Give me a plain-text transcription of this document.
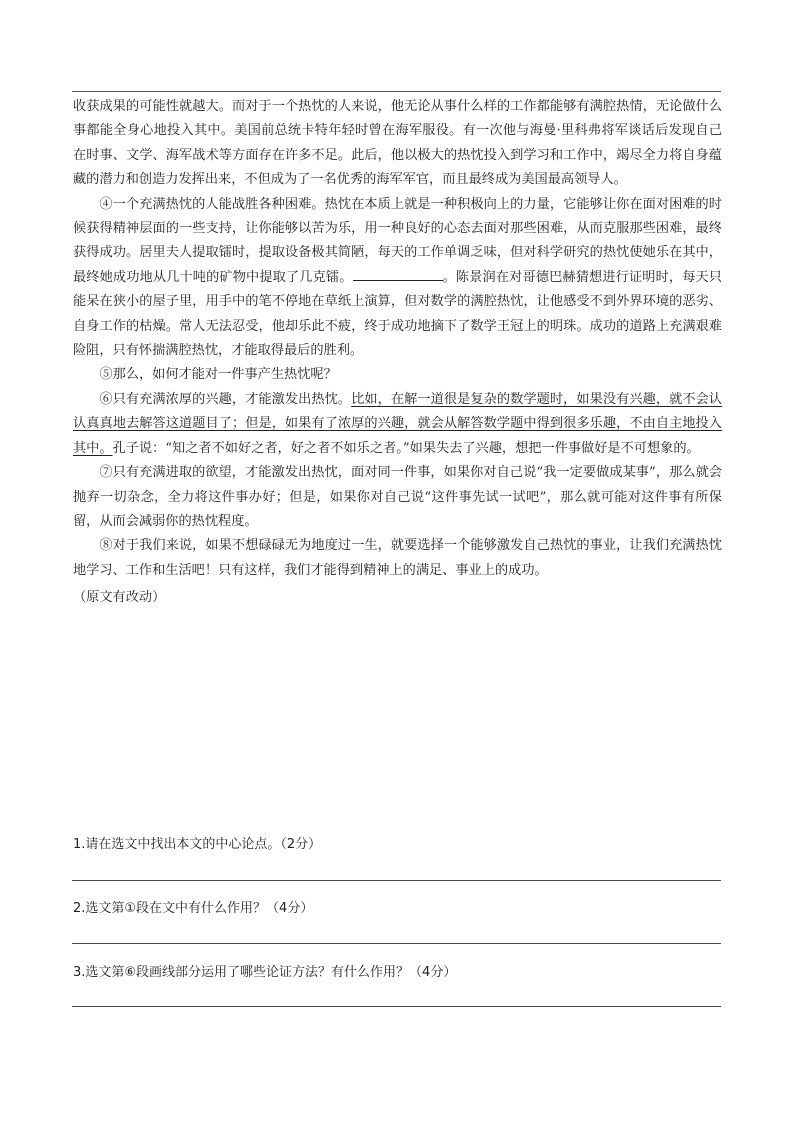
收获成果的可能性就越大。而对于一个热忱的人来说，他无论从事什么样的工作都能够有满腔热情，无论做什么事都能全身心地投入其中。美国前总统卡特年轻时曾在海军服役。有一次他与海曼·里科弗将军谈话后发现自己在时事、文学、海军战术等方面存在许多不足。此后，他以极大的热忱投入到学习和工作中，竭尽全力将自身蕴藏的潜力和创造力发挥出来，不但成为了一名优秀的海军军官，而且最终成为美国最高领导人。

④一个充满热忱的人能战胜各种困难。热忱在本质上就是一种积极向上的力量，它能够让你在面对困难的时候获得精神层面的一些支持，让你能够以苦为乐，用一种良好的心态去面对那些困难，从而克服那些困难，最终获得成功。居里夫人提取镭时，提取设备极其简陋，每天的工作单调乏味，但对科学研究的热忱使她乐在其中，最终她成功地从几十吨的矿物中提取了几克镭。	。陈景润在对哥德巴赫猜想进行证明时，每天只能呆在狭小的屋子里，用手中的笔不停地在草纸上演算，但对数学的满腔热忱，让他感受不到外界环境的恶劣、自身工作的枯燥。常人无法忍受，他却乐此不疲，终于成功地摘下了数学王冠上的明珠。成功的道路上充满艰难险阻，只有怀揣满腔热忱，才能取得最后的胜利。

⑤那么，如何才能对一件事产生热忱呢？

⑥只有充满浓厚的兴趣，才能激发出热忱。比如，在解一道很是复杂的数学题时，如果没有兴趣，就不会认认真真地去解答这道题目了；但是，如果有了浓厚的兴趣，就会从解答数学题中得到很多乐趣，不由自主地投入其中。孔子说：“知之者不如好之者，好之者不如乐之者。”如果失去了兴趣，想把一件事做好是不可想象的。

⑦只有充满进取的欲望，才能激发出热忱，面对同一件事，如果你对自己说“我一定要做成某事”，那么就会抛弃一切杂念，全力将这件事办好；但是，如果你对自己说“这件事先试一试吧”，那么就可能对这件事有所保留，从而会减弱你的热忱程度。

⑧对于我们来说，如果不想碌碌无为地度过一生，就要选择一个能够激发自己热忱的事业，让我们充满热忱地学习、工作和生活吧！只有这样，我们才能得到精神上的满足、事业上的成功。

（原文有改动）

1.请在选文中找出本文的中心论点。（2分）
2.选文第①段在文中有什么作用？（4分）
3.选文第⑥段画线部分运用了哪些论证方法？有什么作用？（4分）
